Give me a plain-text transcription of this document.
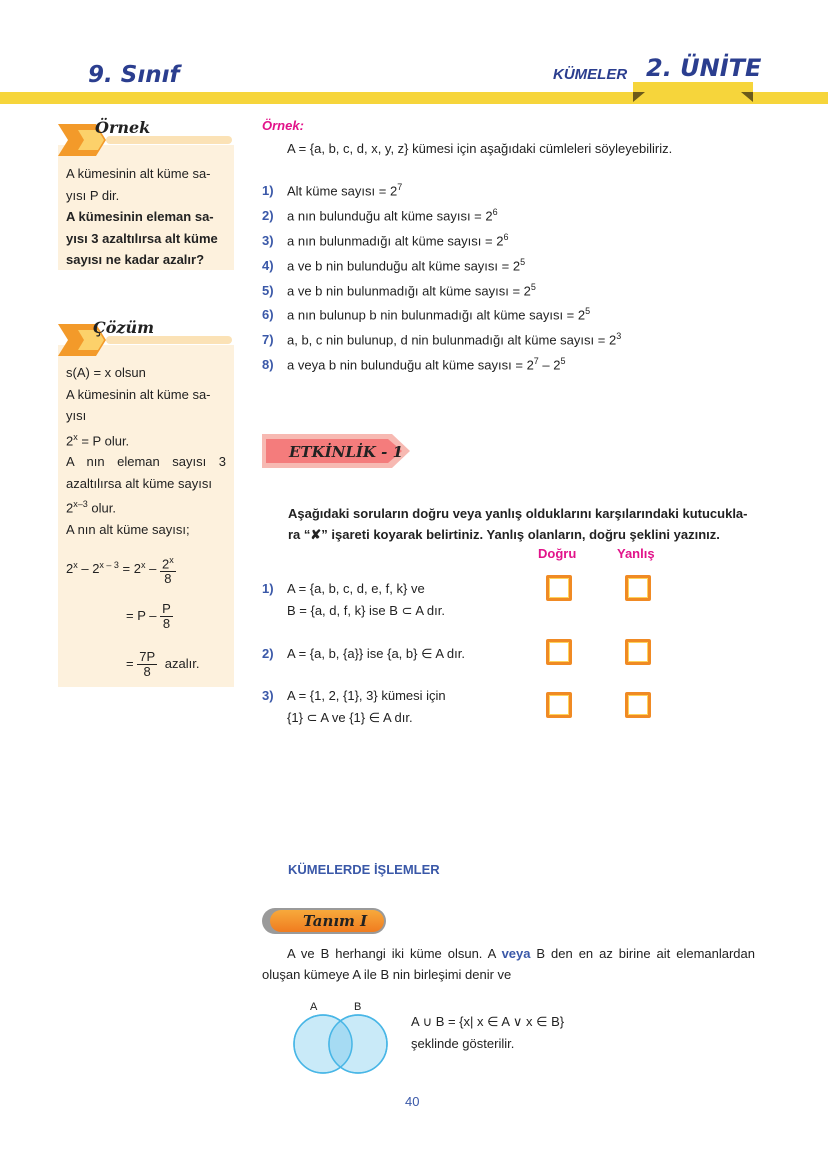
9. Sınıf	KÜMELER 2. ÜNİTE
Örnek
A kümesinin alt küme sa-
yısı P dir.
A kümesinin eleman sa-
yısı 3 azaltılırsa alt küme
sayısı ne kadar azalır?
Çözüm
s(A) = x olsun
A kümesinin alt küme sa-
yısı
$2^x = P$ olur.
A nın eleman sayısı 3
azaltılırsa alt küme sayısı
2$^{x-3}$ olur.
A nın alt küme sayısı;
$2^x - 2^{x - 3} = 2^x - \frac{2^x}{8}$
= P – $\frac{P}{8}$
= $\frac{7P}{8}$ azalır.
Örnek:
A = {a, b, c, d, x, y, z} kümesi için aşağıdaki cümleleri söyleyebiliriz.
1) Alt küme sayısı = $2^7$
2) a nın bulunduğu alt küme sayısı = $2^6$
3) a nın bulunmadığı alt küme sayısı = $2^6$
4) a ve b nin bulunduğu alt küme sayısı = $2^5$
5) a ve b nin bulunmadığı alt küme sayısı = $2^5$
6) a nın bulunup b nin bulunmadığı alt küme sayısı = $2^5$
7) a, b, c nin bulunup, d nin bulunmadığı alt küme sayısı = $2^3$
8) a veya b nin bulunduğu alt küme sayısı = $2^7 - 2^5$
ETKİNLİK - 1
Aşağıdaki soruların doğru veya yanlış olduklarını karşılarındaki kutucukla-
ra “✘” işareti koyarak belirtiniz. Yanlış olanların, doğru şeklini yazınız.
Doğru	Yanlış
1) A = {a, b, c, d, e, f, k} ve
B = {a, d, f, k} ise B ⊂ A dır.
2) A = {a, b, {a}} ise {a, b} ∈ A dır.
3) A = {1, 2, {1}, 3} kümesi için
{1} ⊂ A ve {1} ∈ A dır.
KÜMELERDE İŞLEMLER
Tanım I
A ve B herhangi iki küme olsun. A veya B den en az birine ait elemanlardan oluşan kümeye A ile B nin birleşimi denir ve
A	B
A ∪ B = {x| x ∈ A ∨ x ∈ B}
şeklinde gösterilir.
40
